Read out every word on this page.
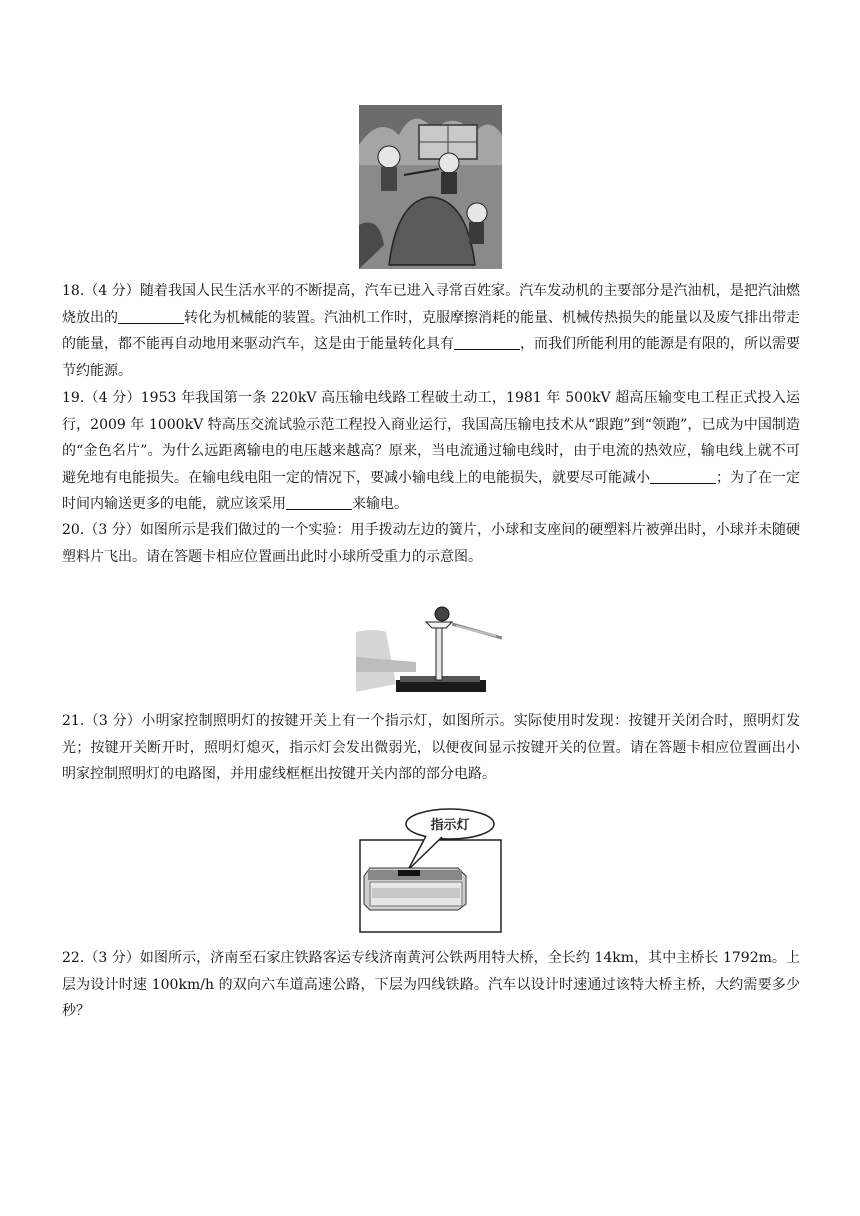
18.（4 分）随着我国人民生活水平的不断提高，汽车已进入寻常百姓家。汽车发动机的主要部分是汽油机，是把汽油燃烧放出的	转化为机械能的装置。汽油机工作时，克服摩擦消耗的能量、机械传热损失的能量以及废气排出带走的能量，都不能再自动地用来驱动汽车，这是由于能量转化具有	，而我们所能利用的能源是有限的，所以需要节约能源。

19.（4 分）1953 年我国第一条 220kV 高压输电线路工程破土动工，1981 年 500kV 超高压输变电工程正式投入运行，2009 年 1000kV 特高压交流试验示范工程投入商业运行，我国高压输电技术从“跟跑”到“领跑”，已成为中国制造的“金色名片”。为什么远距离输电的电压越来越高？原来，当电流通过输电线时，由于电流的热效应，输电线上就不可避免地有电能损失。在输电线电阻一定的情况下，要减小输电线上的电能损失，就要尽可能减小	；为了在一定时间内输送更多的电能，就应该采用	来输电。

20.（3 分）如图所示是我们做过的一个实验：用手拨动左边的簧片，小球和支座间的硬塑料片被弹出时，小球并未随硬塑料片飞出。请在答题卡相应位置画出此时小球所受重力的示意图。

21.（3 分）小明家控制照明灯的按键开关上有一个指示灯，如图所示。实际使用时发现：按键开关闭合时，照明灯发光；按键开关断开时，照明灯熄灭，指示灯会发出微弱光，以便夜间显示按键开关的位置。请在答题卡相应位置画出小明家控制照明灯的电路图，并用虚线框框出按键开关内部的部分电路。

指示灯

22.（3 分）如图所示，济南至石家庄铁路客运专线济南黄河公铁两用特大桥，全长约 14km，其中主桥长 1792m。上层为设计时速 100km/h 的双向六车道高速公路，下层为四线铁路。汽车以设计时速通过该特大桥主桥，大约需要多少秒？
